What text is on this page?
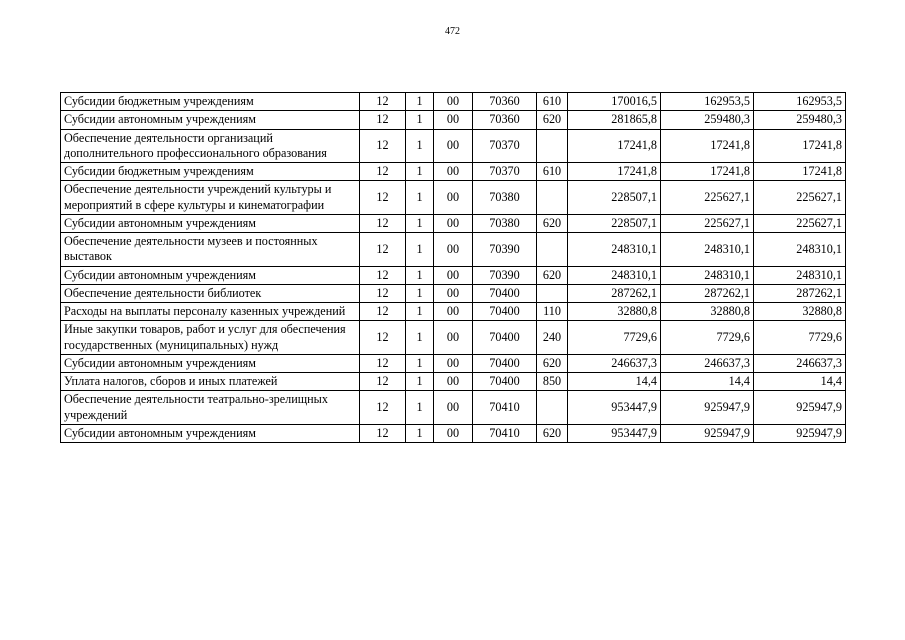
472
Субсидии бюджетным учреждениям	12	1	00	70360	610	170016,5	162953,5	162953,5
Субсидии автономным учреждениям	12	1	00	70360	620	281865,8	259480,3	259480,3
Обеспечение деятельности организаций дополнительного профессионального образования	12	1	00	70370		17241,8	17241,8	17241,8
Субсидии бюджетным учреждениям	12	1	00	70370	610	17241,8	17241,8	17241,8
Обеспечение деятельности учреждений культуры и мероприятий в сфере культуры и кинематографии	12	1	00	70380		228507,1	225627,1	225627,1
Субсидии автономным учреждениям	12	1	00	70380	620	228507,1	225627,1	225627,1
Обеспечение деятельности музеев и постоянных выставок	12	1	00	70390		248310,1	248310,1	248310,1
Субсидии автономным учреждениям	12	1	00	70390	620	248310,1	248310,1	248310,1
Обеспечение деятельности библиотек	12	1	00	70400		287262,1	287262,1	287262,1
Расходы на выплаты персоналу казенных учреждений	12	1	00	70400	110	32880,8	32880,8	32880,8
Иные закупки товаров, работ и услуг для обеспечения государственных (муниципальных) нужд	12	1	00	70400	240	7729,6	7729,6	7729,6
Субсидии автономным учреждениям	12	1	00	70400	620	246637,3	246637,3	246637,3
Уплата налогов, сборов и иных платежей	12	1	00	70400	850	14,4	14,4	14,4
Обеспечение деятельности театрально-зрелищных учреждений	12	1	00	70410		953447,9	925947,9	925947,9
Субсидии автономным учреждениям	12	1	00	70410	620	953447,9	925947,9	925947,9
